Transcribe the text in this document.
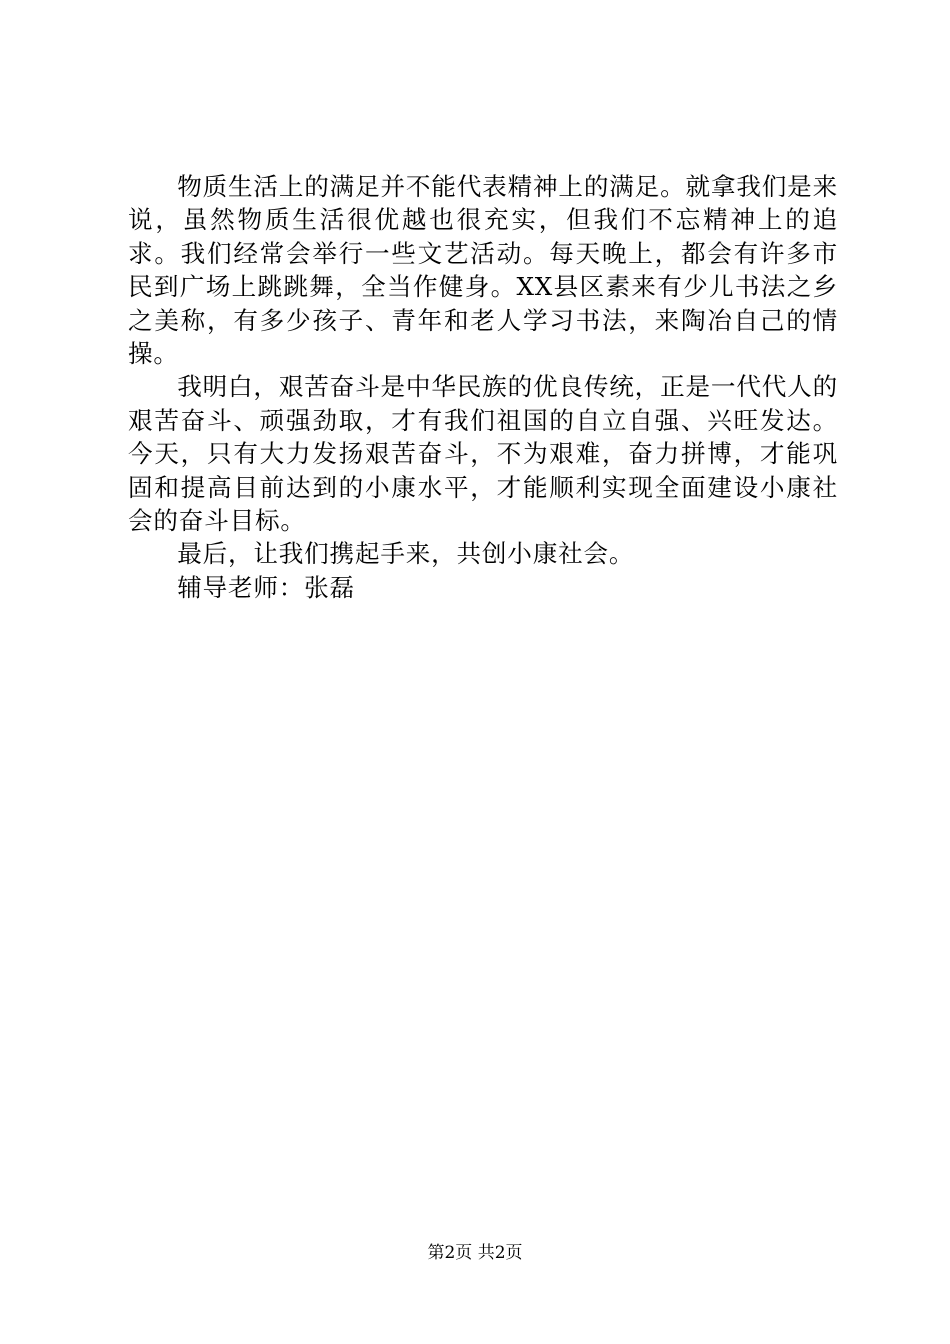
物质生活上的满足并不能代表精神上的满足。就拿我们是来说，虽然物质生活很优越也很充实，但我们不忘精神上的追求。我们经常会举行一些文艺活动。每天晚上，都会有许多市民到广场上跳跳舞，全当作健身。XX县区素来有少儿书法之乡之美称，有多少孩子、青年和老人学习书法，来陶冶自己的情操。

我明白，艰苦奋斗是中华民族的优良传统，正是一代代人的艰苦奋斗、顽强劲取，才有我们祖国的自立自强、兴旺发达。今天，只有大力发扬艰苦奋斗，不为艰难，奋力拼博，才能巩固和提高目前达到的小康水平，才能顺利实现全面建设小康社会的奋斗目标。

最后，让我们携起手来，共创小康社会。

辅导老师：张磊

第2页 共2页
